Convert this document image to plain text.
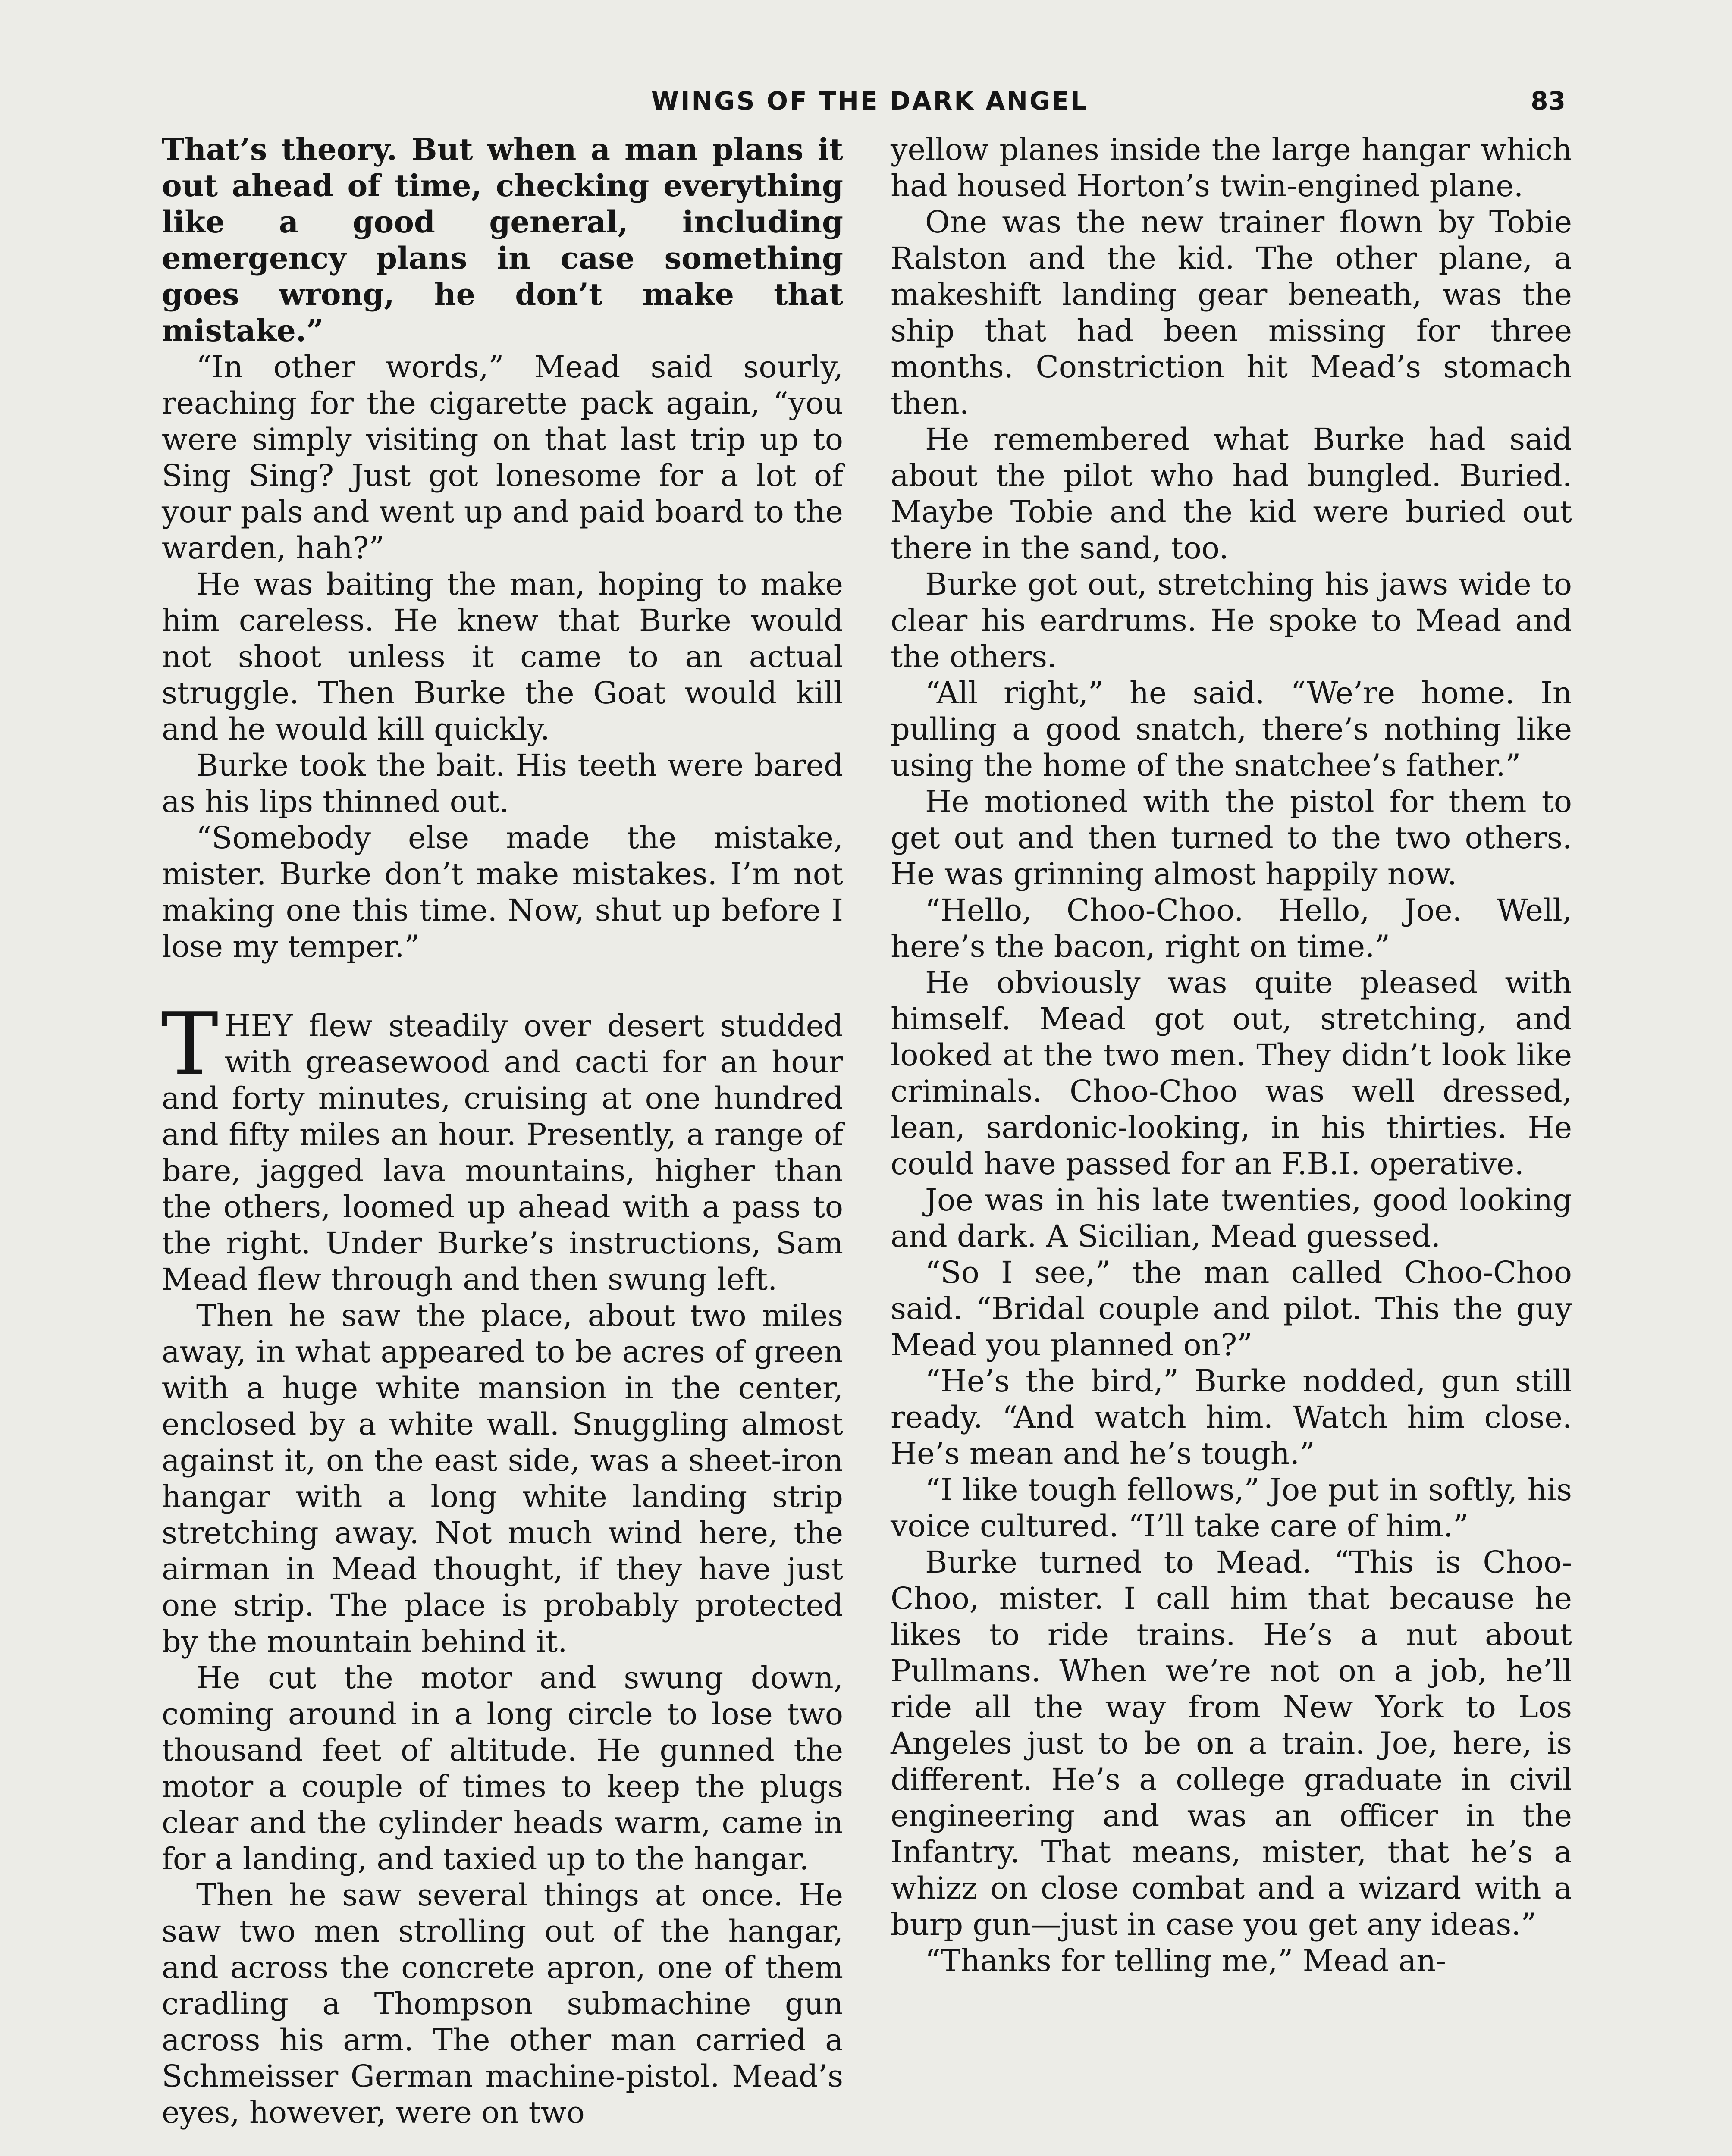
WINGS OF THE DARK ANGEL	83

That’s theory. But when a man plans it out ahead of time, checking everything like a good general, including emergency plans in case something goes wrong, he don’t make that mistake.”

“In other words,” Mead said sourly, reaching for the cigarette pack again, “you were simply visiting on that last trip up to Sing Sing? Just got lonesome for a lot of your pals and went up and paid board to the warden, hah?”

He was baiting the man, hoping to make him careless. He knew that Burke would not shoot unless it came to an actual struggle. Then Burke the Goat would kill and he would kill quickly.

Burke took the bait. His teeth were bared as his lips thinned out.

“Somebody else made the mistake, mister. Burke don’t make mistakes. I’m not making one this time. Now, shut up before I lose my temper.”

THEY flew steadily over desert studded with greasewood and cacti for an hour and forty minutes, cruising at one hundred and fifty miles an hour. Presently, a range of bare, jagged lava mountains, higher than the others, loomed up ahead with a pass to the right. Under Burke’s instructions, Sam Mead flew through and then swung left.

Then he saw the place, about two miles away, in what appeared to be acres of green with a huge white mansion in the center, enclosed by a white wall. Snuggling almost against it, on the east side, was a sheet-iron hangar with a long white landing strip stretching away. Not much wind here, the airman in Mead thought, if they have just one strip. The place is probably protected by the mountain behind it.

He cut the motor and swung down, coming around in a long circle to lose two thousand feet of altitude. He gunned the motor a couple of times to keep the plugs clear and the cylinder heads warm, came in for a landing, and taxied up to the hangar.

Then he saw several things at once. He saw two men strolling out of the hangar, and across the concrete apron, one of them cradling a Thompson submachine gun across his arm. The other man carried a Schmeisser German machine-pistol. Mead’s eyes, however, were on two

yellow planes inside the large hangar which had housed Horton’s twin-engined plane.

One was the new trainer flown by Tobie Ralston and the kid. The other plane, a makeshift landing gear beneath, was the ship that had been missing for three months. Constriction hit Mead’s stomach then.

He remembered what Burke had said about the pilot who had bungled. Buried. Maybe Tobie and the kid were buried out there in the sand, too.

Burke got out, stretching his jaws wide to clear his eardrums. He spoke to Mead and the others.

“All right,” he said. “We’re home. In pulling a good snatch, there’s nothing like using the home of the snatchee’s father.”

He motioned with the pistol for them to get out and then turned to the two others. He was grinning almost happily now.

“Hello, Choo-Choo. Hello, Joe. Well, here’s the bacon, right on time.”

He obviously was quite pleased with himself. Mead got out, stretching, and looked at the two men. They didn’t look like criminals. Choo-Choo was well dressed, lean, sardonic-looking, in his thirties. He could have passed for an F.B.I. operative.

Joe was in his late twenties, good looking and dark. A Sicilian, Mead guessed.

“So I see,” the man called Choo-Choo said. “Bridal couple and pilot. This the guy Mead you planned on?”

“He’s the bird,” Burke nodded, gun still ready. “And watch him. Watch him close. He’s mean and he’s tough.”

“I like tough fellows,” Joe put in softly, his voice cultured. “I’ll take care of him.”

Burke turned to Mead. “This is Choo-Choo, mister. I call him that because he likes to ride trains. He’s a nut about Pullmans. When we’re not on a job, he’ll ride all the way from New York to Los Angeles just to be on a train. Joe, here, is different. He’s a college graduate in civil engineering and was an officer in the Infantry. That means, mister, that he’s a whizz on close combat and a wizard with a burp gun—just in case you get any ideas.”

“Thanks for telling me,” Mead an-
